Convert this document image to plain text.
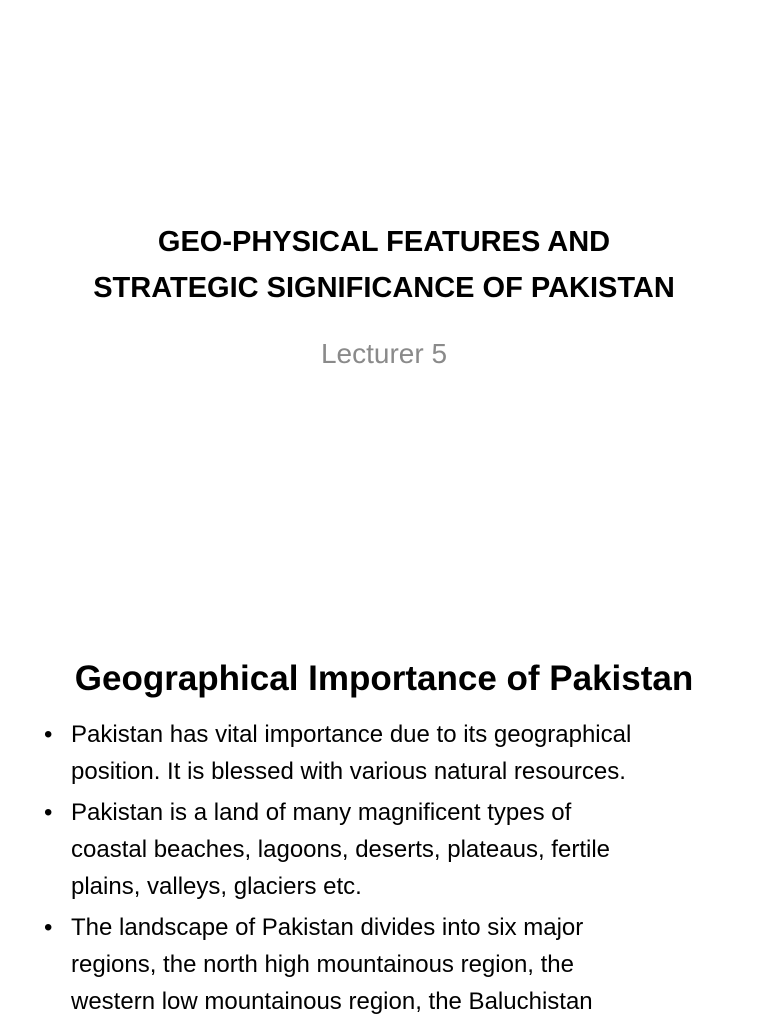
GEO-PHYSICAL FEATURES AND
STRATEGIC SIGNIFICANCE OF PAKISTAN
Lecturer 5
Geographical Importance of Pakistan
• Pakistan has vital importance due to its geographical
position. It is blessed with various natural resources.
• Pakistan is a land of many magnificent types of
coastal beaches, lagoons, deserts, plateaus, fertile
plains, valleys, glaciers etc.
• The landscape of Pakistan divides into six major
regions, the north high mountainous region, the
western low mountainous region, the Baluchistan
